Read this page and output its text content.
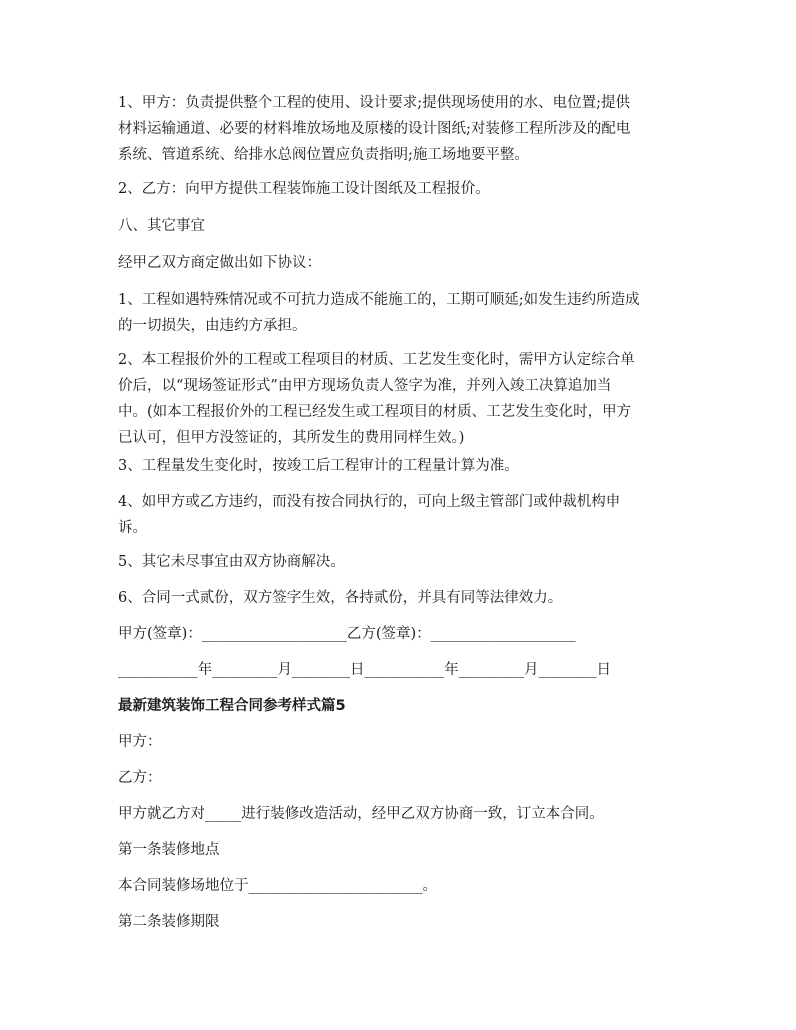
1、甲方：负责提供整个工程的使用、设计要求;提供现场使用的水、电位置;提供
材料运输通道、必要的材料堆放场地及原楼的设计图纸;对装修工程所涉及的配电
系统、管道系统、给排水总阀位置应负责指明;施工场地要平整。
2、乙方：向甲方提供工程装饰施工设计图纸及工程报价。
八、其它事宜
经甲乙双方商定做出如下协议：
1、工程如遇特殊情况或不可抗力造成不能施工的，工期可顺延;如发生违约所造成
的一切损失，由违约方承担。
2、本工程报价外的工程或工程项目的材质、工艺发生变化时，需甲方认定综合单
价后，以“现场签证形式”由甲方现场负责人签字为准，并列入竣工决算追加当
中。(如本工程报价外的工程已经发生或工程项目的材质、工艺发生变化时，甲方
已认可，但甲方没签证的，其所发生的费用同样生效。)
3、工程量发生变化时，按竣工后工程审计的工程量计算为准。
4、如甲方或乙方违约，而没有按合同执行的，可向上级主管部门或仲裁机构申
诉。
5、其它未尽事宜由双方协商解决。
6、合同一式贰份，双方签字生效，各持贰份，并具有同等法律效力。
甲方(签章)：____________________乙方(签章)：____________________
___________年_________月________日___________年_________月________日
最新建筑装饰工程合同参考样式篇5
甲方：
乙方：
甲方就乙方对_____进行装修改造活动，经甲乙双方协商一致，订立本合同。
第一条装修地点
本合同装修场地位于________________________。
第二条装修期限
